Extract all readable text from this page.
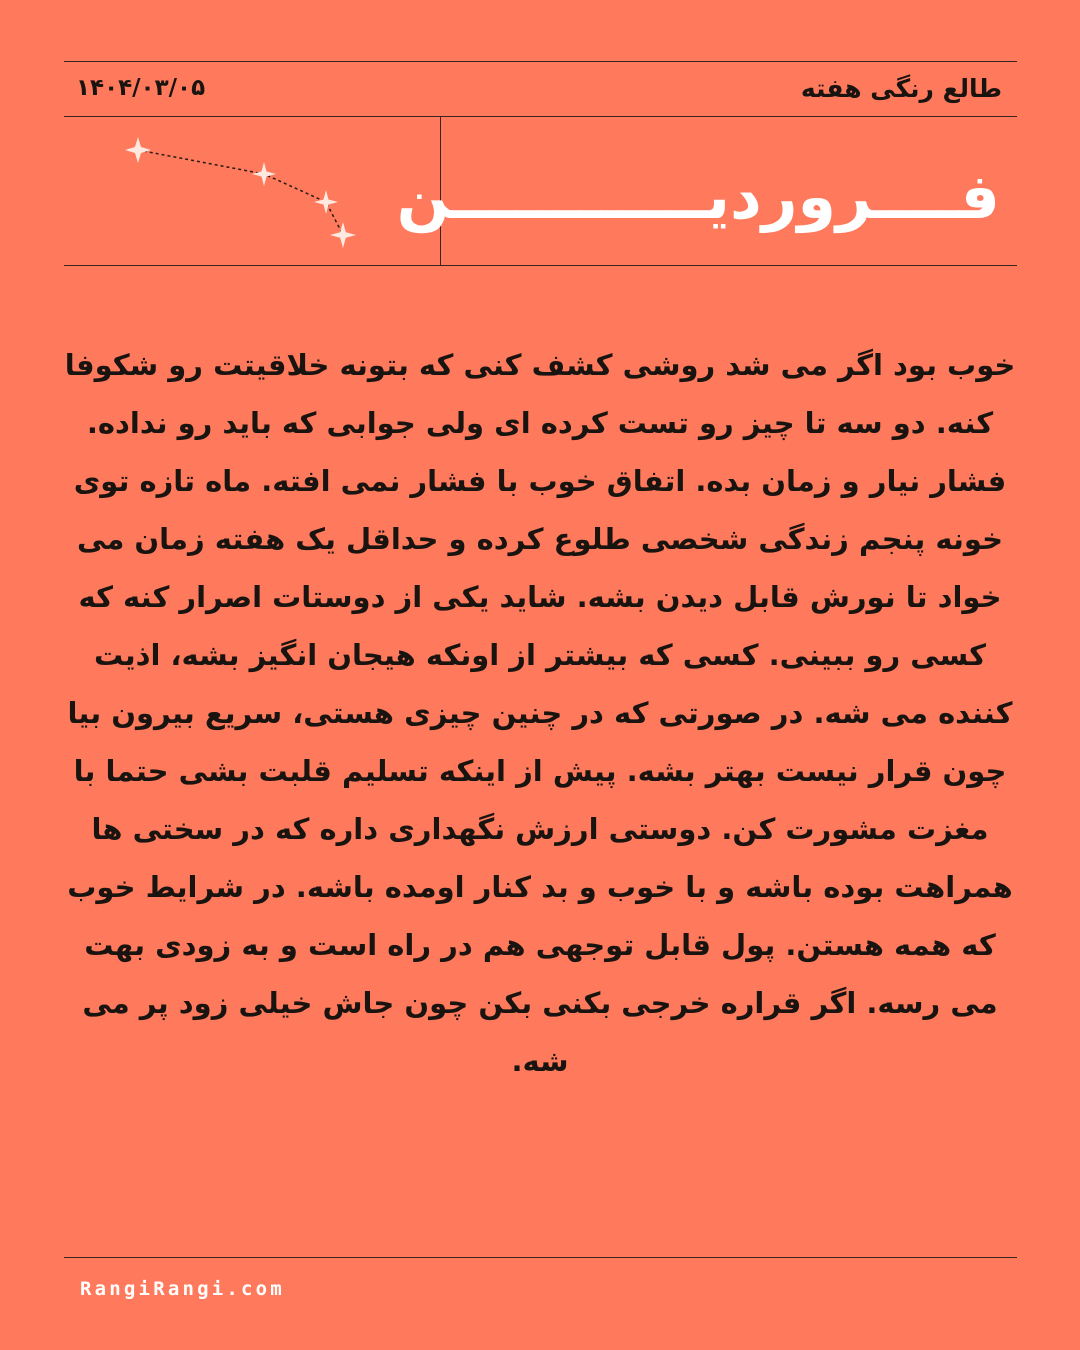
طالع رنگی هفته
۱۴۰۴/۰۳/۰۵
فــــروردیــــــــــــن
خوب بود اگر می شد روشی کشف کنی که بتونه خلاقیتت رو شکوفا کنه. دو سه تا چیز رو تست کرده ای ولی جوابی که باید رو نداده. فشار نیار و زمان بده. اتفاق خوب با فشار نمی افته. ماه تازه توی خونه پنجم زندگی شخصی طلوع کرده و حداقل یک هفته زمان می خواد تا نورش قابل دیدن بشه. شاید یکی از دوستات اصرار کنه که کسی رو ببینی. کسی که بیشتر از اونکه هیجان انگیز بشه، اذیت کننده می شه. در صورتی که در چنین چیزی هستی، سریع بیرون بیا چون قرار نیست بهتر بشه. پیش از اینکه تسلیم قلبت بشی حتما با مغزت مشورت کن. دوستی ارزش نگهداری داره که در سختی ها همراهت بوده باشه و با خوب و بد کنار اومده باشه. در شرایط خوب که همه هستن. پول قابل توجهی هم در راه است و به زودی بهت می رسه. اگر قراره خرجی بکنی بکن چون جاش خیلی زود پر می شه.
RangiRangi.com
